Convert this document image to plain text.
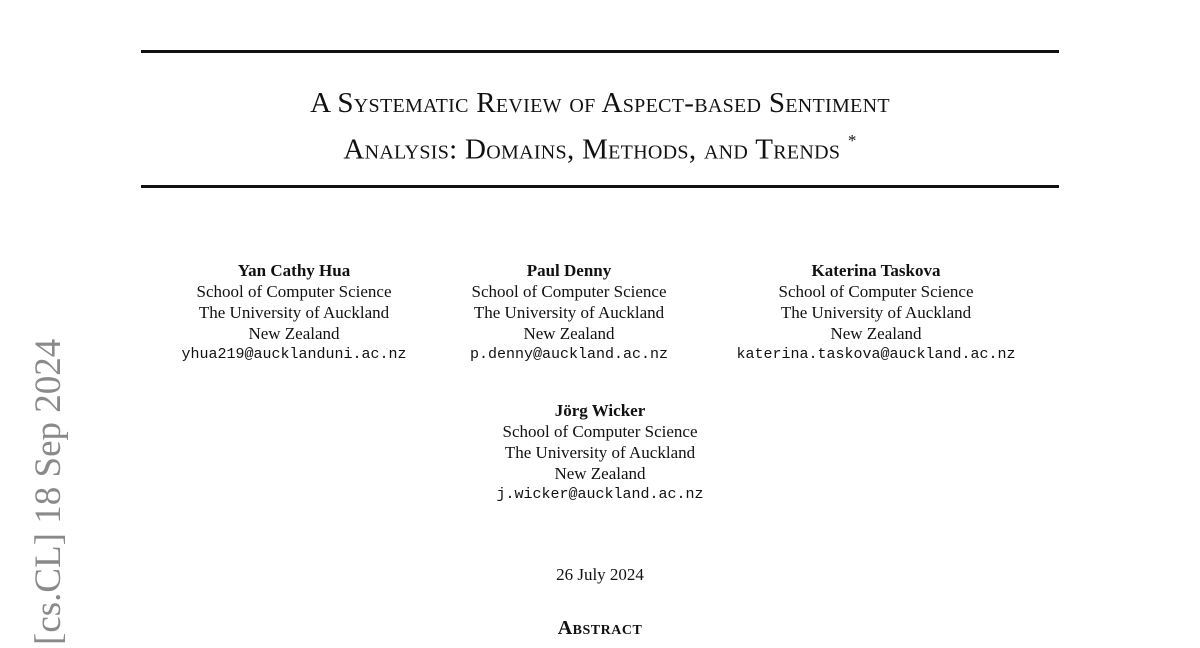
A Systematic Review of Aspect-based Sentiment
Analysis: Domains, Methods, and Trends *
Yan Cathy Hua
School of Computer Science
The University of Auckland
New Zealand
yhua219@aucklanduni.ac.nz
Paul Denny
School of Computer Science
The University of Auckland
New Zealand
p.denny@auckland.ac.nz
Katerina Taskova
School of Computer Science
The University of Auckland
New Zealand
katerina.taskova@auckland.ac.nz
Jörg Wicker
School of Computer Science
The University of Auckland
New Zealand
j.wicker@auckland.ac.nz
26 July 2024
Abstract
[cs.CL] 18 Sep 2024
